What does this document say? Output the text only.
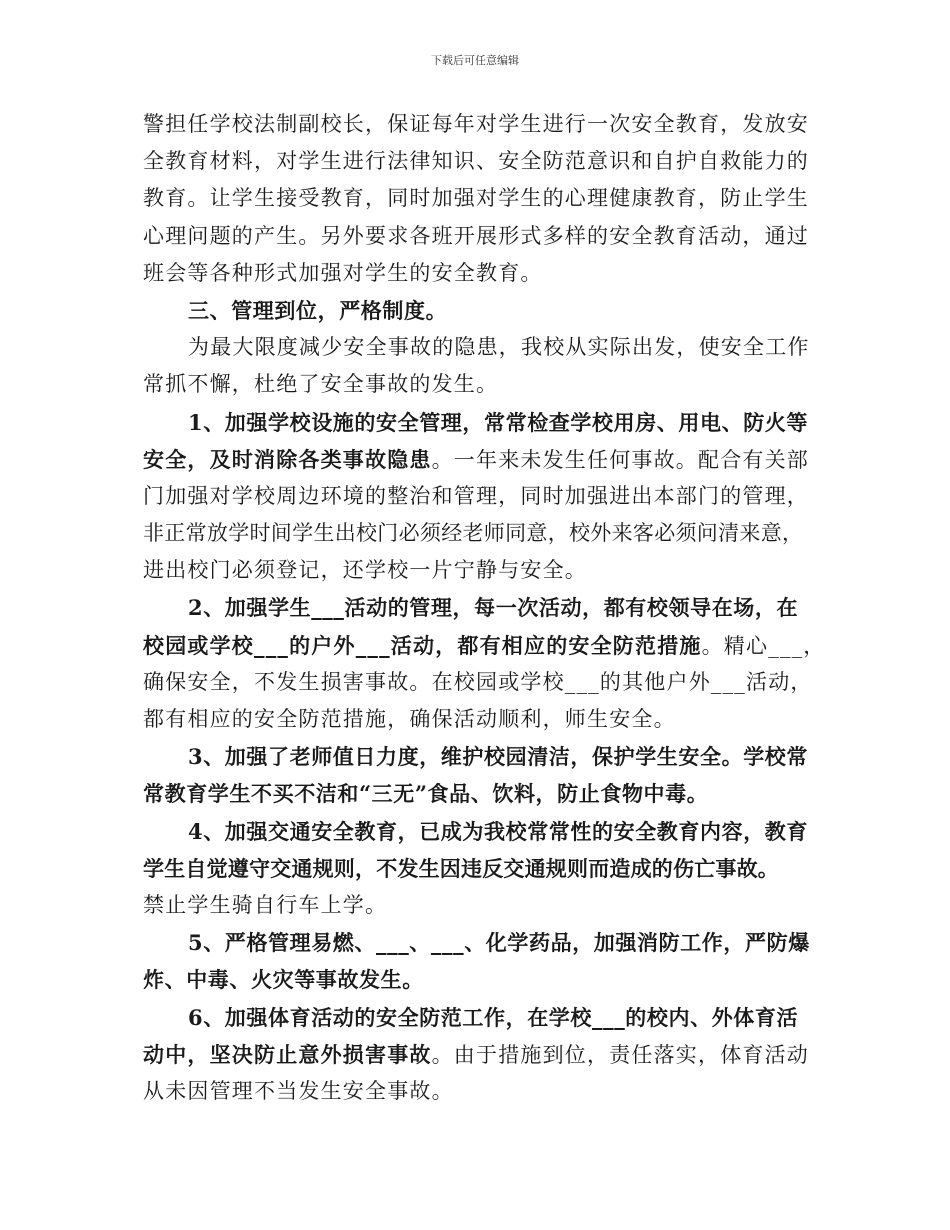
下载后可任意编辑
警担任学校法制副校长，保证每年对学生进行一次安全教育，发放安
全教育材料，对学生进行法律知识、安全防范意识和自护自救能力的
教育。让学生接受教育，同时加强对学生的心理健康教育，防止学生
心理问题的产生。另外要求各班开展形式多样的安全教育活动，通过
班会等各种形式加强对学生的安全教育。
三、管理到位，严格制度。
为最大限度减少安全事故的隐患，我校从实际出发，使安全工作
常抓不懈，杜绝了安全事故的发生。
1、加强学校设施的安全管理，常常检查学校用房、用电、防火等
安全，及时消除各类事故隐患。一年来未发生任何事故。配合有关部
门加强对学校周边环境的整治和管理，同时加强进出本部门的管理，
非正常放学时间学生出校门必须经老师同意，校外来客必须问清来意，
进出校门必须登记，还学校一片宁静与安全。
2、加强学生___活动的管理，每一次活动，都有校领导在场，在
校园或学校___的户外___活动，都有相应的安全防范措施。精心___，
确保安全，不发生损害事故。在校园或学校___的其他户外___活动，
都有相应的安全防范措施，确保活动顺利，师生安全。
3、加强了老师值日力度，维护校园清洁，保护学生安全。学校常
常教育学生不买不洁和“三无”食品、饮料，防止食物中毒。
4、加强交通安全教育，已成为我校常常性的安全教育内容，教育
学生自觉遵守交通规则，不发生因违反交通规则而造成的伤亡事故。
禁止学生骑自行车上学。
5、严格管理易燃、___、___、化学药品，加强消防工作，严防爆
炸、中毒、火灾等事故发生。
6、加强体育活动的安全防范工作，在学校___的校内、外体育活
动中，坚决防止意外损害事故。由于措施到位，责任落实，体育活动
从未因管理不当发生安全事故。
